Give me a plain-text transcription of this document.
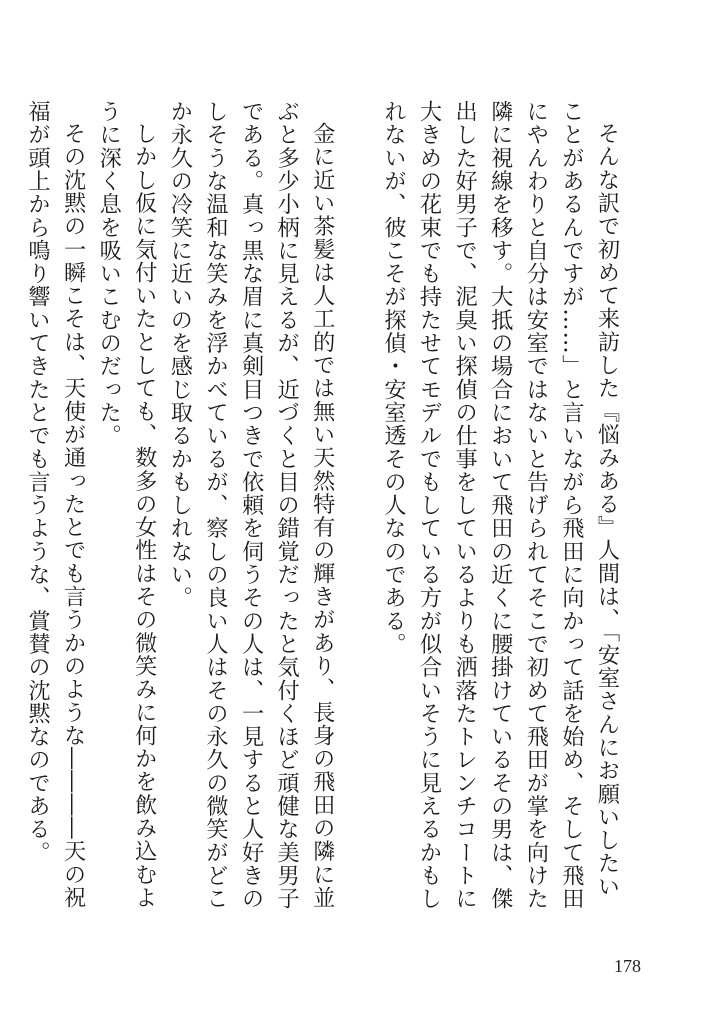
そんな訳で初めて来訪した『悩みある』人間は、「安室さんにお願いしたいことがあるんですが……」と言いながら飛田に向かって話を始め、そして飛田にやんわりと自分は安室ではないと告げられてそこで初めて飛田が掌を向けた隣に視線を移す。大抵の場合において飛田の近くに腰掛けているその男は、傑出した好男子で、泥臭い探偵の仕事をしているよりも洒落たトレンチコートに大きめの花束でも持たせてモデルでもしている方が似合いそうに見えるかもしれないが、彼こそが探偵・安室透その人なのである。

金に近い茶髪は人工的では無い天然特有の輝きがあり、長身の飛田の隣に並ぶと多少小柄に見えるが、近づくと目の錯覚だったと気付くほど頑健な美男子である。真っ黒な眉に真剣目つきで依頼を伺うその人は、一見すると人好きのしそうな温和な笑みを浮かべているが、察しの良い人はその永久の微笑がどこか永久の冷笑に近いのを感じ取るかもしれない。

しかし仮に気付いたとしても、数多の女性はその微笑みに何かを飲み込むように深く息を吸いこむのだった。

その沈黙の一瞬こそは、天使が通ったとでも言うかのような――――天の祝福が頭上から鳴り響いてきたとでも言うような、賞賛の沈黙なのである。

178
